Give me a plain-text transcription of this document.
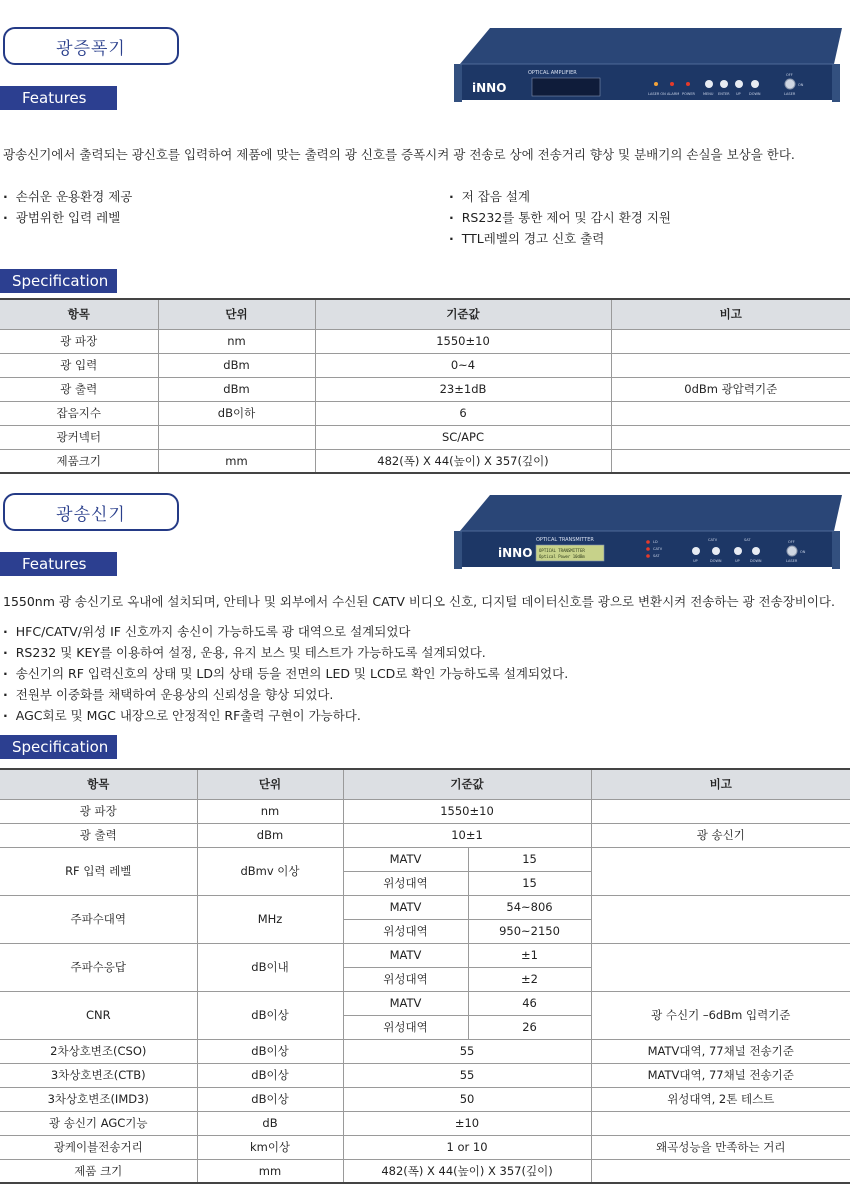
광증폭기
Features
iNNO
OPTICAL AMPLIFIER
LASER ON ALARM POWER MENU ENTER UP DOWN
OFF
ON
LASER
광송신기에서 출력되는 광신호를 입력하여 제품에 맞는 출력의 광 신호를 증폭시켜 광 전송로 상에 전송거리 향상 및 분배기의 손실을 보상을 한다.
· 손쉬운 운용환경 제공
· 광범위한 입력 레벨
· 저 잡음 설계
· RS232를 통한 제어 및 감시 환경 지원
· TTL레벨의 경고 신호 출력
Specification
항목	단위	기준값	비고
광 파장	nm	1550±10	
광 입력	dBm	0~4	
광 출력	dBm	23±1dB	0dBm 광압력기준
잡음지수	dB이하	6	
광커넥터		SC/APC	
제품크기	mm	482(폭) X 44(높이) X 357(깊이)	
광송신기
Features
iNNO
OPTICAL TRANSMITTER
OPTICAL TRANSMITTER
Optical Power 10dBm
LD
CATV
SAT
CATV	SAT
UP	DOWN	UP	DOWN
OFF
ON
LASER
1550nm 광 송신기로 옥내에 설치되며, 안테나 및 외부에서 수신된 CATV 비디오 신호, 디지털 데이터신호를 광으로 변환시켜 전송하는 광 전송장비이다.
· HFC/CATV/위성 IF 신호까지 송신이 가능하도록 광 대역으로 설계되었다
· RS232 및 KEY를 이용하여 설정, 운용, 유지 보스 및 테스트가 가능하도록 설계되었다.
· 송신기의 RF 입력신호의 상태 및 LD의 상태 등을 전면의 LED 및 LCD로 확인 가능하도록 설계되었다.
· 전원부 이중화를 채택하여 운용상의 신뢰성을 향상 되었다.
· AGC회로 및 MGC 내장으로 안정적인 RF출력 구현이 가능하다.
Specification
항목	단위	기준값		비고
광 파장	nm	1550±10		
광 출력	dBm	10±1		광 송신기
RF 입력 레벨	dBmv 이상	MATV	15	
		위성대역	15	
주파수대역	MHz	MATV	54~806	
		위성대역	950~2150	
주파수응답	dB이내	MATV	±1	
		위성대역	±2	
CNR	dB이상	MATV	46	광 수신기 –6dBm 입력기준
		위성대역	26	
2차상호변조(CSO)	dB이상	55		MATV대역, 77채널 전송기준
3차상호변조(CTB)	dB이상	55		MATV대역, 77채널 전송기준
3차상호변조(IMD3)	dB이상	50		위성대역, 2톤 테스트
광 송신기 AGC기능	dB	±10		
광케이블전송거리	km이상	1 or 10		왜곡성능을 만족하는 거리
제품 크기	mm	482(폭) X 44(높이) X 357(깊이)		
